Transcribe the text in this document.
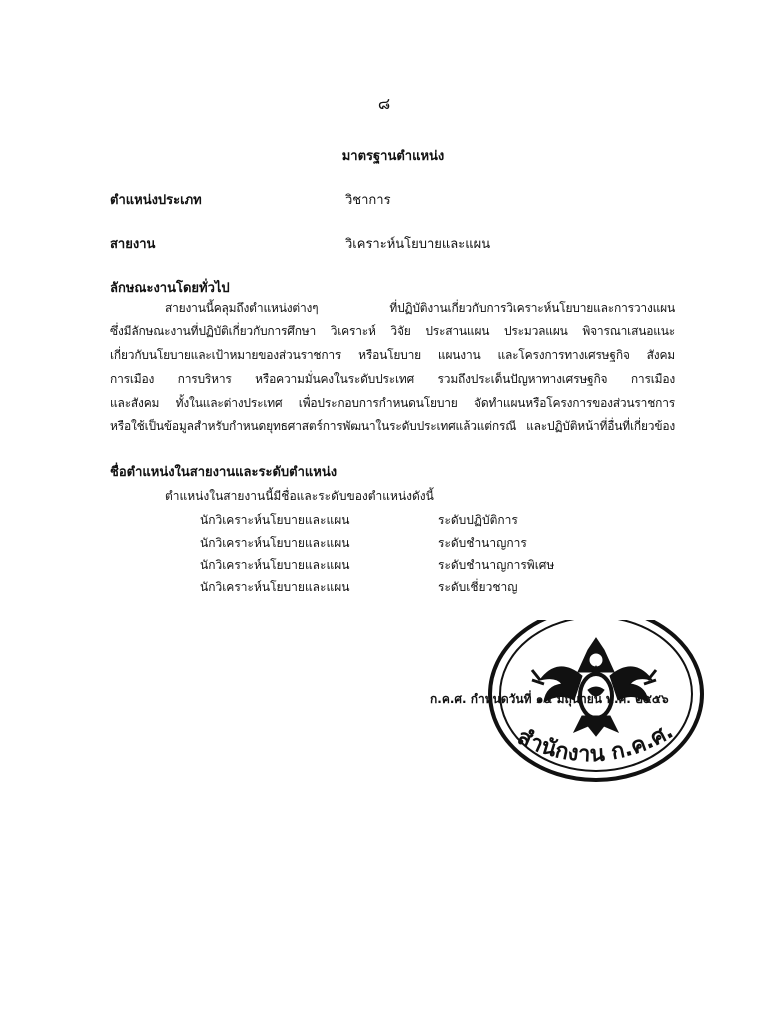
๘
มาตรฐานตำแหน่ง
ตำแหน่งประเภท	วิชาการ
สายงาน	วิเคราะห์นโยบายและแผน
ลักษณะงานโดยทั่วไป
สายงานนี้คลุมถึงตำแหน่งต่างๆ ที่ปฏิบัติงานเกี่ยวกับการวิเคราะห์นโยบายและการวางแผน
ซึ่งมีลักษณะงานที่ปฏิบัติเกี่ยวกับการศึกษา วิเคราะห์ วิจัย ประสานแผน ประมวลแผน พิจารณาเสนอแนะ
เกี่ยวกับนโยบายและเป้าหมายของส่วนราชการ หรือนโยบาย แผนงาน และโครงการทางเศรษฐกิจ สังคม
การเมือง การบริหาร หรือความมั่นคงในระดับประเทศ รวมถึงประเด็นปัญหาทางเศรษฐกิจ การเมือง
และสังคม ทั้งในและต่างประเทศ เพื่อประกอบการกำหนดนโยบาย จัดทำแผนหรือโครงการของส่วนราชการ
หรือใช้เป็นข้อมูลสำหรับกำหนดยุทธศาสตร์การพัฒนาในระดับประเทศแล้วแต่กรณี และปฏิบัติหน้าที่อื่นที่เกี่ยวข้อง
ชื่อตำแหน่งในสายงานและระดับตำแหน่ง
ตำแหน่งในสายงานนี้มีชื่อและระดับของตำแหน่งดังนี้
นักวิเคราะห์นโยบายและแผน	ระดับปฏิบัติการ
นักวิเคราะห์นโยบายและแผน	ระดับชำนาญการ
นักวิเคราะห์นโยบายและแผน	ระดับชำนาญการพิเศษ
นักวิเคราะห์นโยบายและแผน	ระดับเชี่ยวชาญ
สำนักงาน ก.ค.ศ.
ก.ค.ศ. กำหนดวันที่ ๑๔ มิถุนายน พ.ศ. ๒๕๕๖
